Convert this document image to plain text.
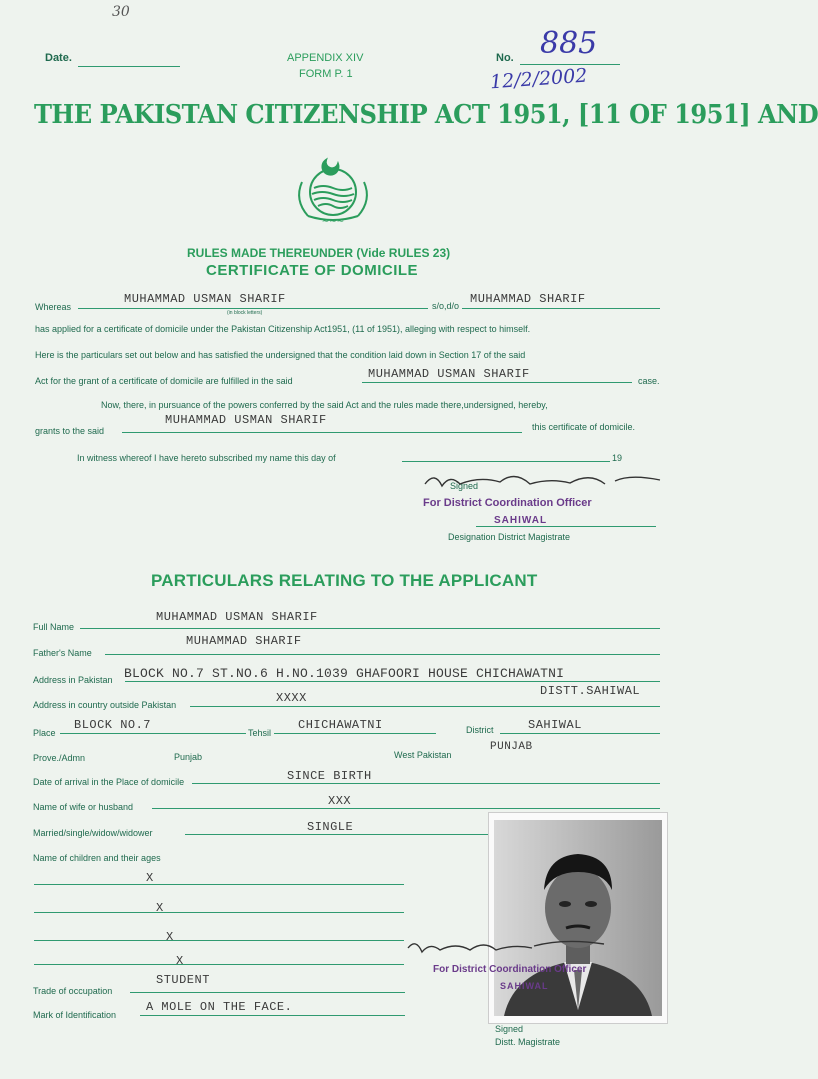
Date.	APPENDIX XIV
FORM P. 1
No. 885
12/2/2002
30
THE PAKISTAN CITIZENSHIP ACT 1951, [11 OF 1951] AND
~~~
RULES MADE THEREUNDER (Vide RULES 23)
CERTIFICATE OF DOMICILE
Whereas
MUHAMMAD USMAN SHARIF
(in block letters)
s/o,d/o MUHAMMAD SHARIF
has applied for a certificate of domicile under the Pakistan Citizenship Act1951, (11 of 1951), alleging with respect to himself.
Here is the particulars set out below and has satisfied the undersigned that the condition laid down in Section 17 of the said
Act for the grant of a certificate of domicile are fulfilled in the said	MUHAMMAD USMAN SHARIF	case.
Now, there, in pursuance of the powers conferred by the said Act and the rules made there,undersigned, hereby,
grants to the said
MUHAMMAD USMAN SHARIF	this certificate of domicile.
In witness whereof I have hereto subscribed my name this day of	19
Signed
For District Coordination Officer
SAHIWAL
Designation District Magistrate
PARTICULARS RELATING TO THE APPLICANT
Full Name
MUHAMMAD USMAN SHARIF
Father's Name
MUHAMMAD SHARIF
Address in Pakistan BLOCK NO.7 ST.NO.6 H.NO.1039 GHAFOORI HOUSE CHICHAWATNI
DISTT.SAHIWAL
Address in country outside Pakistan	XXXX
Place
BLOCK NO.7
Tehsil
CHICHAWATNI	District	SAHIWAL
Prove./Admn	Punjab	West Pakistan
PUNJAB
Date of arrival in the Place of domicile	SINCE BIRTH
Name of wife or husband	XXX
Married/single/widow/widower	SINGLE
Name of children and their ages
X
X
X
X
Trade of occupation
STUDENT
Mark of Identification
A MOLE ON THE FACE.
For District Coordination Officer
SAHIWAL
Signed
Distt. Magistrate
